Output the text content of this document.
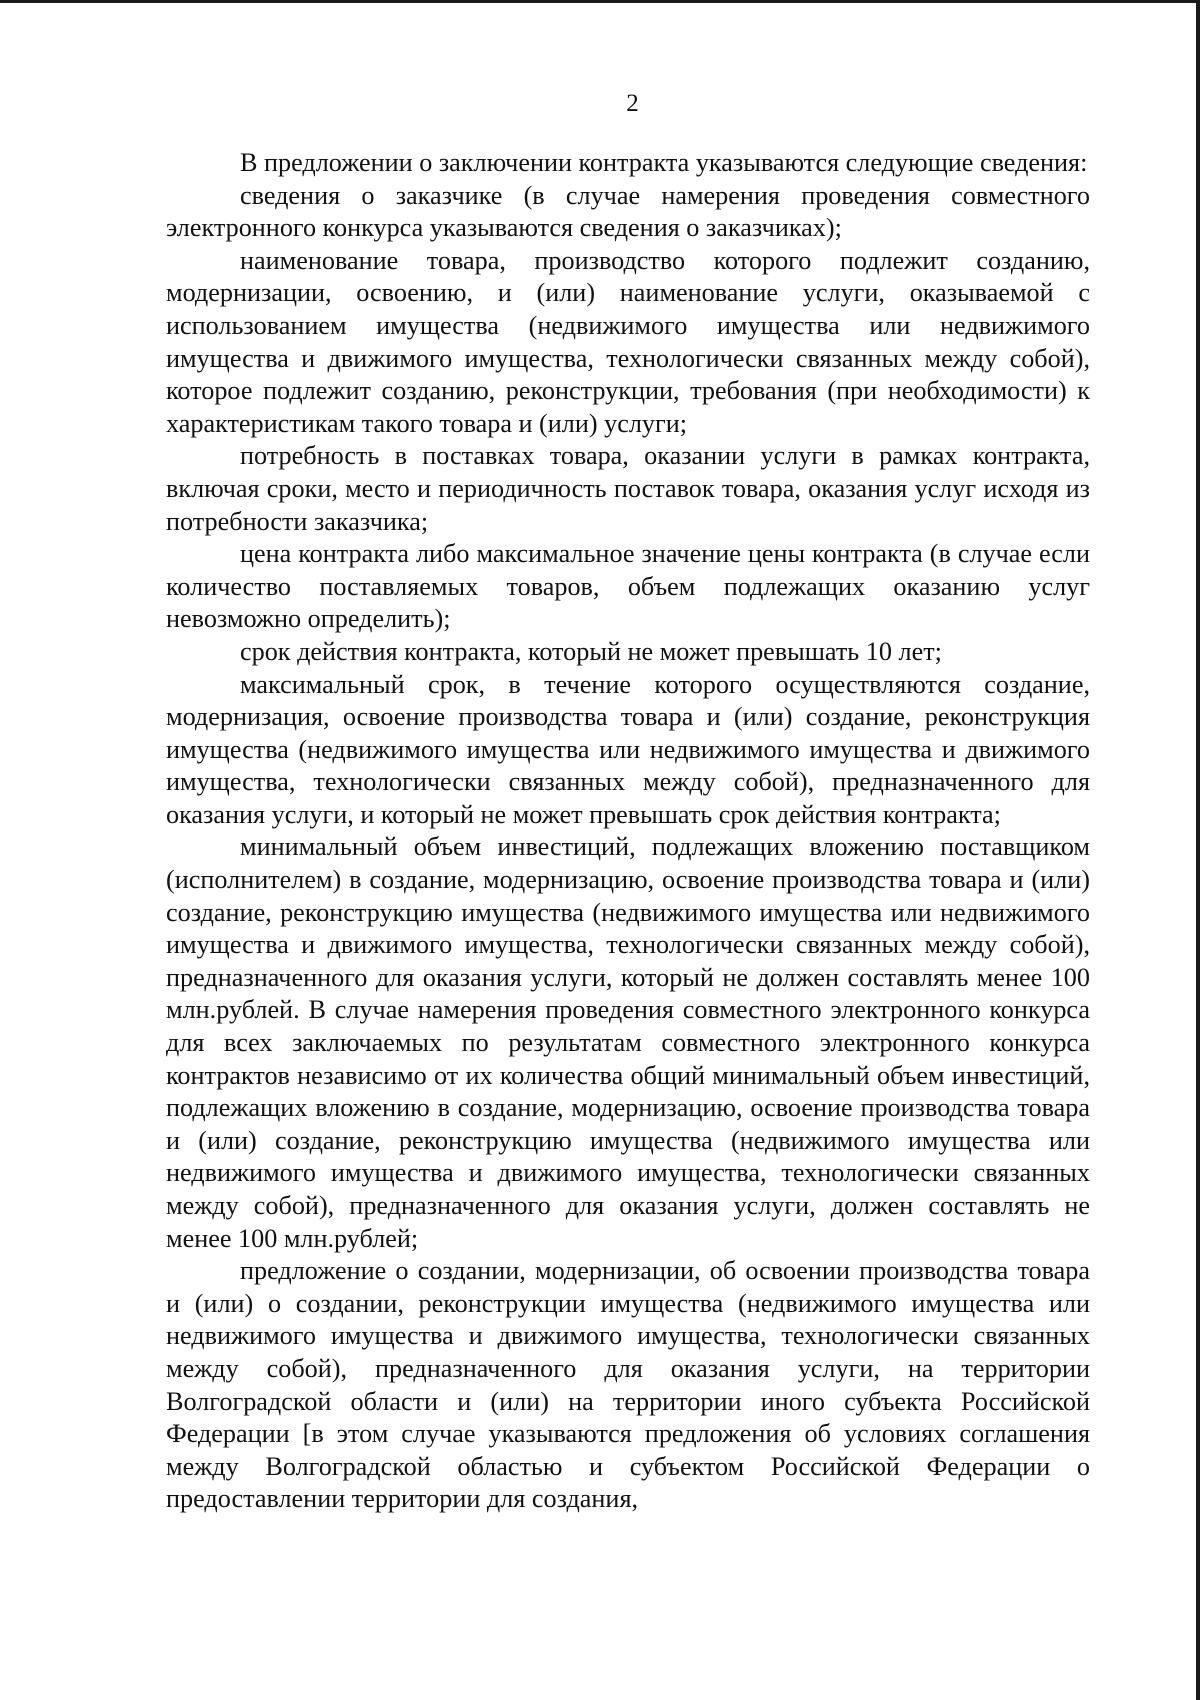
2

В предложении о заключении контракта указываются следующие сведения:

сведения о заказчике (в случае намерения проведения совместного электронного конкурса указываются сведения о заказчиках);

наименование товара, производство которого подлежит созданию, модернизации, освоению, и (или) наименование услуги, оказываемой с использованием имущества (недвижимого имущества или недвижимого имущества и движимого имущества, технологически связанных между собой), которое подлежит созданию, реконструкции, требования (при необходимости) к характеристикам такого товара и (или) услуги;

потребность в поставках товара, оказании услуги в рамках контракта, включая сроки, место и периодичность поставок товара, оказания услуг исходя из потребности заказчика;

цена контракта либо максимальное значение цены контракта (в случае если количество поставляемых товаров, объем подлежащих оказанию услуг невозможно определить);

срок действия контракта, который не может превышать 10 лет;

максимальный срок, в течение которого осуществляются создание, модернизация, освоение производства товара и (или) создание, реконструкция имущества (недвижимого имущества или недвижимого имущества и движимого имущества, технологически связанных между собой), предназначенного для оказания услуги, и который не может превышать срок действия контракта;

минимальный объем инвестиций, подлежащих вложению поставщиком (исполнителем) в создание, модернизацию, освоение производства товара и (или) создание, реконструкцию имущества (недвижимого имущества или недвижимого имущества и движимого имущества, технологически связанных между собой), предназначенного для оказания услуги, который не должен составлять менее 100 млн.рублей. В случае намерения проведения совместного электронного конкурса для всех заключаемых по результатам совместного электронного конкурса контрактов независимо от их количества общий минимальный объем инвестиций, подлежащих вложению в создание, модернизацию, освоение производства товара и (или) создание, реконструкцию имущества (недвижимого имущества или недвижимого имущества и движимого имущества, технологически связанных между собой), предназначенного для оказания услуги, должен составлять не менее 100 млн.рублей;

предложение о создании, модернизации, об освоении производства товара и (или) о создании, реконструкции имущества (недвижимого имущества или недвижимого имущества и движимого имущества, технологически связанных между собой), предназначенного для оказания услуги, на территории Волгоградской области и (или) на территории иного субъекта Российской Федерации [в этом случае указываются предложения об условиях соглашения между Волгоградской областью и субъектом Российской Федерации о предоставлении территории для создания,
